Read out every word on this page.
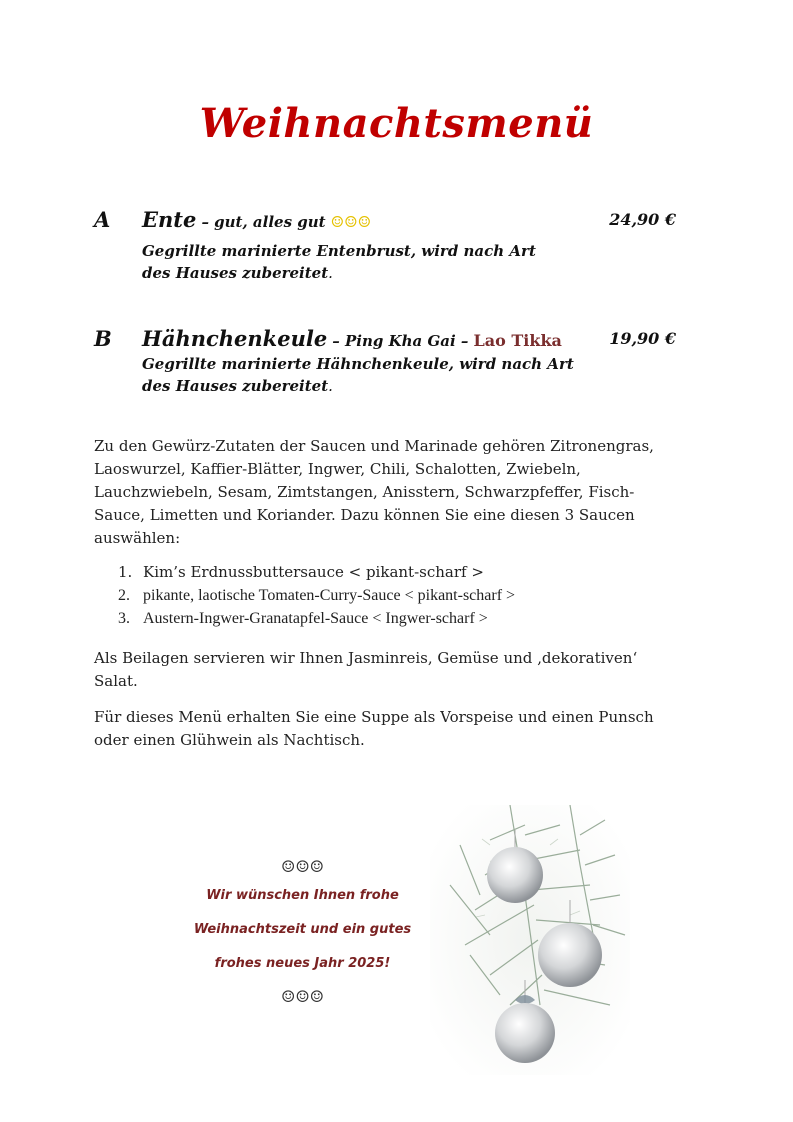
Weihnachtsmenü
A Ente – gut, alles gut ☺☺☺	24,90 €
Gegrillte marinierte Entenbrust, wird nach Art
des Hauses zubereitet.
B Hähnchenkeule – Ping Kha Gai – Lao Tikka	19,90 €
Gegrillte marinierte Hähnchenkeule, wird nach Art
des Hauses zubereitet.
Zu den Gewürz-Zutaten der Saucen und Marinade gehören Zitronengras,
Laoswurzel, Kaffier-Blätter, Ingwer, Chili, Schalotten, Zwiebeln,
Lauchzwiebeln, Sesam, Zimtstangen, Anisstern, Schwarzpfeffer, Fisch-
Sauce, Limetten und Koriander. Dazu können Sie eine diesen 3 Saucen
auswählen:
1. Kim’s Erdnussbuttersauce < pikant-scharf >
2. pikante, laotische Tomaten-Curry-Sauce < pikant-scharf >
3. Austern-Ingwer-Granatapfel-Sauce < Ingwer-scharf >
Als Beilagen servieren wir Ihnen Jasminreis, Gemüse und ‚dekorativen‘
Salat.
Für dieses Menü erhalten Sie eine Suppe als Vorspeise und einen Punsch
oder einen Glühwein als Nachtisch.
☺☺☺
Wir wünschen Ihnen frohe
Weihnachtszeit und ein gutes
frohes neues Jahr 2025!
☺☺☺
